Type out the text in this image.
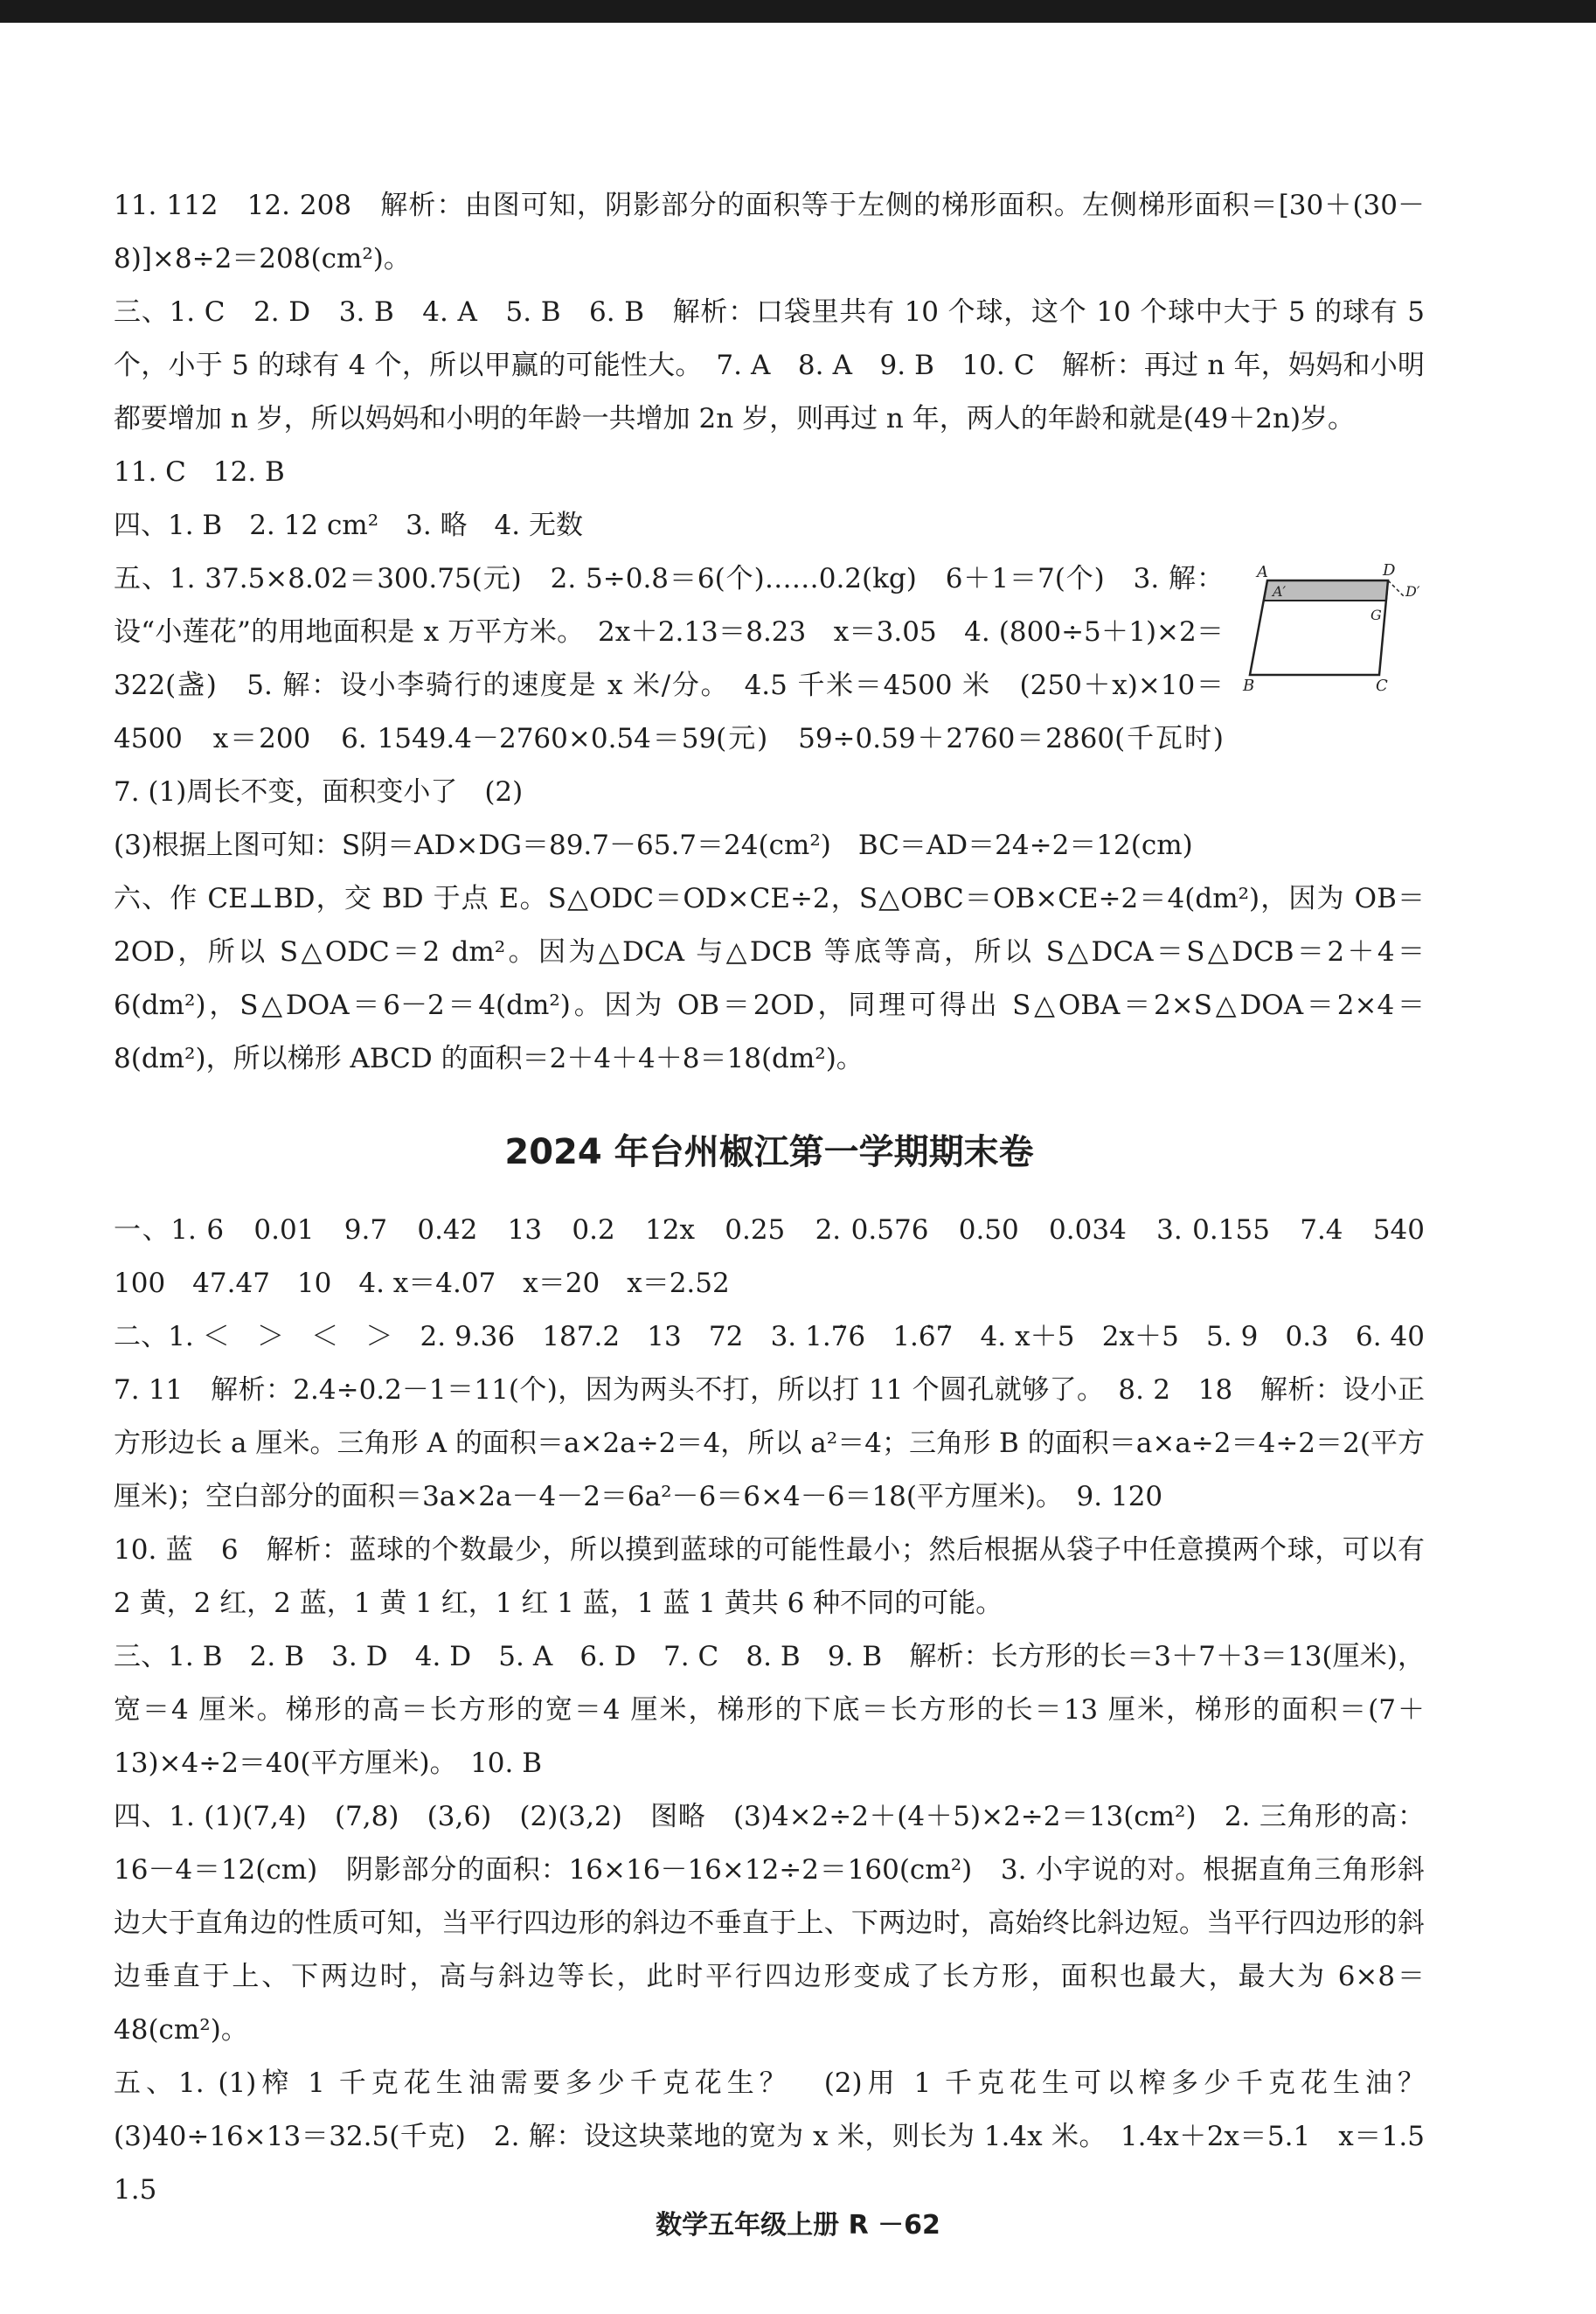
11. 112　12. 208　解析：由图可知，阴影部分的面积等于左侧的梯形面积。左侧梯形面积＝[30＋(30－8)]×8÷2＝208(cm²)。

三、1. C　2. D　3. B　4. A　5. B　6. B　解析：口袋里共有 10 个球，这个 10 个球中大于 5 的球有 5 个，小于 5 的球有 4 个，所以甲赢的可能性大。　7. A　8. A　9. B　10. C　解析：再过 n 年，妈妈和小明都要增加 n 岁，所以妈妈和小明的年龄一共增加 2n 岁，则再过 n 年，两人的年龄和就是(49＋2n)岁。

11. C　12. B

四、1. B　2. 12 cm²　3. 略　4. 无数

五、1. 37.5×8.02＝300.75(元)　2. 5÷0.8＝6(个)……0.2(kg)　6＋1＝7(个)　3. 解：设“小莲花”的用地面积是 x 万平方米。　2x＋2.13＝8.23　x＝3.05　4. (800÷5＋1)×2＝322(盏)　5. 解：设小李骑行的速度是 x 米/分。　4.5 千米＝4500 米　(250＋x)×10＝4500　x＝200　6. 1549.4－2760×0.54＝59(元)　59÷0.59＋2760＝2860(千瓦时)　7. (1)周长不变，面积变小了　(2)

A
A′
D
D′
G
B	C

(3)根据上图可知：S阴＝AD×DG＝89.7－65.7＝24(cm²)　BC＝AD＝24÷2＝12(cm)

六、作 CE⊥BD，交 BD 于点 E。S△ODC＝OD×CE÷2，S△OBC＝OB×CE÷2＝4(dm²)，因为 OB＝2OD，所以 S△ODC＝2 dm²。因为△DCA 与△DCB 等底等高，所以 S△DCA＝S△DCB＝2＋4＝6(dm²)，S△DOA＝6－2＝4(dm²)。因为 OB＝2OD，同理可得出 S△OBA＝2×S△DOA＝2×4＝8(dm²)，所以梯形 ABCD 的面积＝2＋4＋4＋8＝18(dm²)。

2024 年台州椒江第一学期期末卷

一、1. 6　0.01　9.7　0.42　13　0.2　12x　0.25　2. 0.576　0.50　0.034　3. 0.155　7.4　540　100　47.47　10　4. x＝4.07　x＝20　x＝2.52

二、1. ＜　＞　＜　＞　2. 9.36　187.2　13　72　3. 1.7̇6̇　1.6̇7̇　4. x＋5　2x＋5　5. 9　0.3　6. 40　7. 11　解析：2.4÷0.2－1＝11(个)，因为两头不打，所以打 11 个圆孔就够了。　8. 2　18　解析：设小正方形边长 a 厘米。三角形 A 的面积＝a×2a÷2＝4，所以 a²＝4；三角形 B 的面积＝a×a÷2＝4÷2＝2(平方厘米)；空白部分的面积＝3a×2a－4－2＝6a²－6＝6×4－6＝18(平方厘米)。　9. 120

10. 蓝　6　解析：蓝球的个数最少，所以摸到蓝球的可能性最小；然后根据从袋子中任意摸两个球，可以有 2 黄，2 红，2 蓝，1 黄 1 红，1 红 1 蓝，1 蓝 1 黄共 6 种不同的可能。

三、1. B　2. B　3. D　4. D　5. A　6. D　7. C　8. B　9. B　解析：长方形的长＝3＋7＋3＝13(厘米)，宽＝4 厘米。梯形的高＝长方形的宽＝4 厘米，梯形的下底＝长方形的长＝13 厘米，梯形的面积＝(7＋13)×4÷2＝40(平方厘米)。　10. B

四、1. (1)(7,4)　(7,8)　(3,6)　(2)(3,2)　图略　(3)4×2÷2＋(4＋5)×2÷2＝13(cm²)　2. 三角形的高：16－4＝12(cm)　阴影部分的面积：16×16－16×12÷2＝160(cm²)　3. 小宇说的对。根据直角三角形斜边大于直角边的性质可知，当平行四边形的斜边不垂直于上、下两边时，高始终比斜边短。当平行四边形的斜边垂直于上、下两边时，高与斜边等长，此时平行四边形变成了长方形，面积也最大，最大为 6×8＝48(cm²)。

五、1. (1)榨 1 千克花生油需要多少千克花生？　(2)用 1 千克花生可以榨多少千克花生油？　(3)40÷16×13＝32.5(千克)　2. 解：设这块菜地的宽为 x 米，则长为 1.4x 米。　1.4x＋2x＝5.1　x＝1.5　1.5

数学五年级上册 R －62
